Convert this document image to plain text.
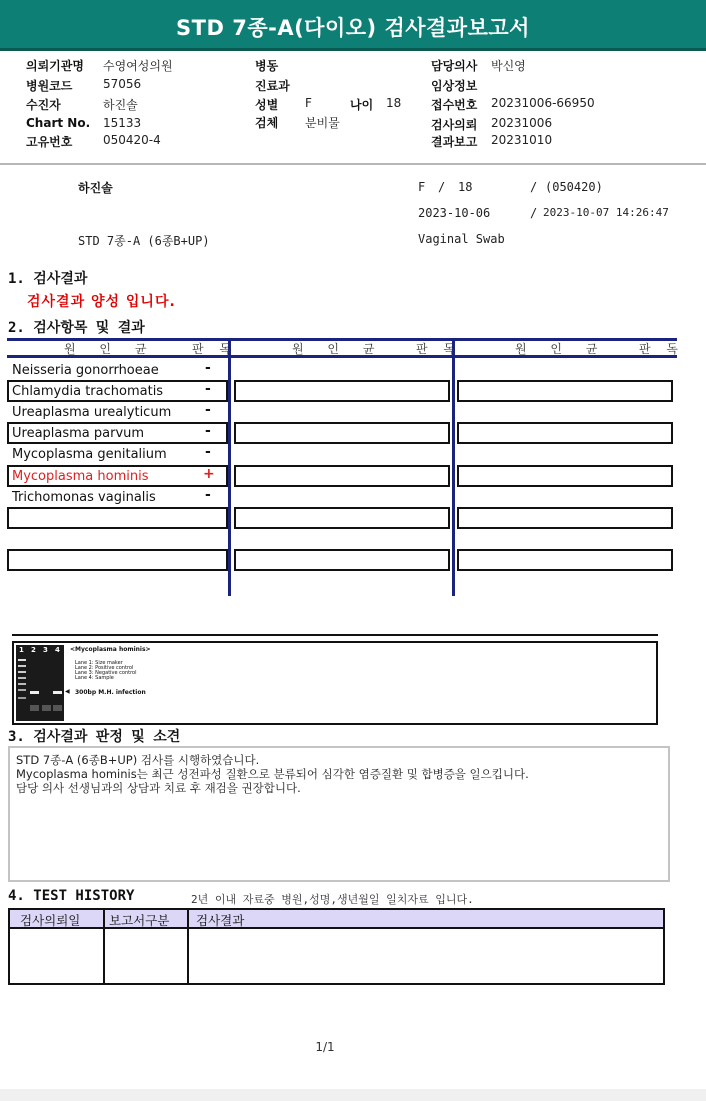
STD 7종-A(다이오) 검사결과보고서
의뢰기관명 수영여성의원
병원코드	57056
수진자	하진솔
Chart No. 15133
고유번호	050420-4
병동
진료과
성별 F	나이 18
검체 분비물
담당의사 박신영
임상정보
접수번호 20231006-66950
검사의뢰 20231006
결과보고 20231010
하진솔	F / 18	/ (050420)
2023-10-06	/ 2023-10-07 14:26:47
STD 7종-A (6종B+UP)	Vaginal Swab
1. 검사결과
검사결과 양성 입니다.
2. 검사항목 및 결과
원 인 균	판 독	원 인 균	판 독	원 인 균	판 독
Neisseria gonorrhoeae	-
Chlamydia trachomatis	-
Ureaplasma urealyticum -
Ureaplasma parvum	-
Mycoplasma genitalium	-
Mycoplasma hominis	+
Trichomonas vaginalis	-
1 2 3 4 <Mycoplasma hominis>
Lane 1: Size maker
Lane 2: Positive control
Lane 3: Negative control
Lane 4: Sample
◀ 300bp M.H. infection
3. 검사결과 판정 및 소견
STD 7종-A (6종B+UP) 검사를 시행하였습니다.
Mycoplasma hominis는 최근 성전파성 질환으로 분류되어 심각한 염증질환 및 합병증을 일으킵니다.
담당 의사 선생님과의 상담과 치료 후 재검을 권장합니다.
4. TEST HISTORY	2년 이내 자료중 병원,성명,생년월일 일치자료 입니다.
검사의뢰일 보고서구분 검사결과
1/1
